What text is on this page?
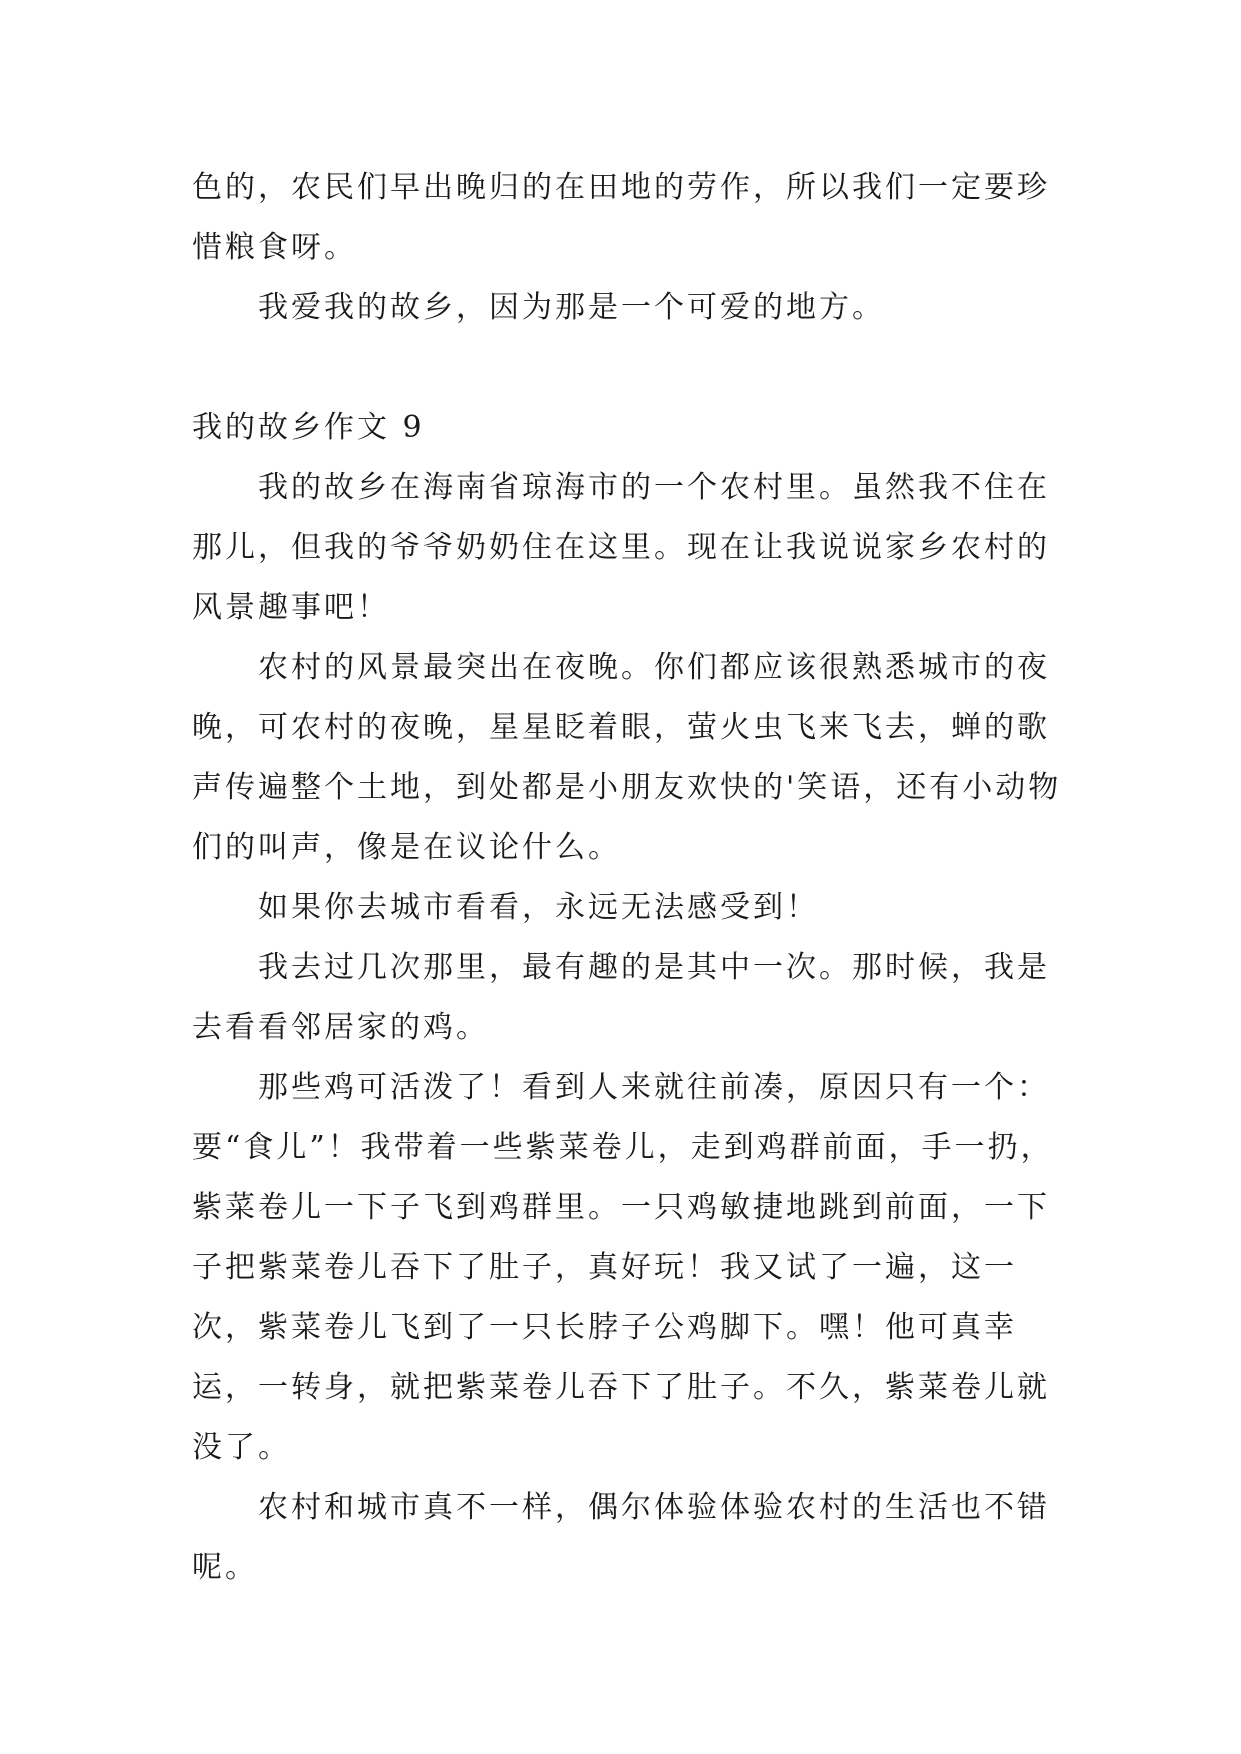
色的，农民们早出晚归的在田地的劳作，所以我们一定要珍惜粮食呀。

我爱我的故乡，因为那是一个可爱的地方。

我的故乡作文 9

我的故乡在海南省琼海市的一个农村里。虽然我不住在那儿，但我的爷爷奶奶住在这里。现在让我说说家乡农村的风景趣事吧！

农村的风景最突出在夜晚。你们都应该很熟悉城市的夜晚，可农村的夜晚，星星眨着眼，萤火虫飞来飞去，蝉的歌声传遍整个土地，到处都是小朋友欢快的'笑语，还有小动物们的叫声，像是在议论什么。

如果你去城市看看，永远无法感受到！

我去过几次那里，最有趣的是其中一次。那时候，我是去看看邻居家的鸡。

那些鸡可活泼了！看到人来就往前凑，原因只有一个：要“食儿”！我带着一些紫菜卷儿，走到鸡群前面，手一扔，紫菜卷儿一下子飞到鸡群里。一只鸡敏捷地跳到前面，一下子把紫菜卷儿吞下了肚子，真好玩！我又试了一遍，这一次，紫菜卷儿飞到了一只长脖子公鸡脚下。嘿！他可真幸运，一转身，就把紫菜卷儿吞下了肚子。不久，紫菜卷儿就没了。

农村和城市真不一样，偶尔体验体验农村的生活也不错呢。
